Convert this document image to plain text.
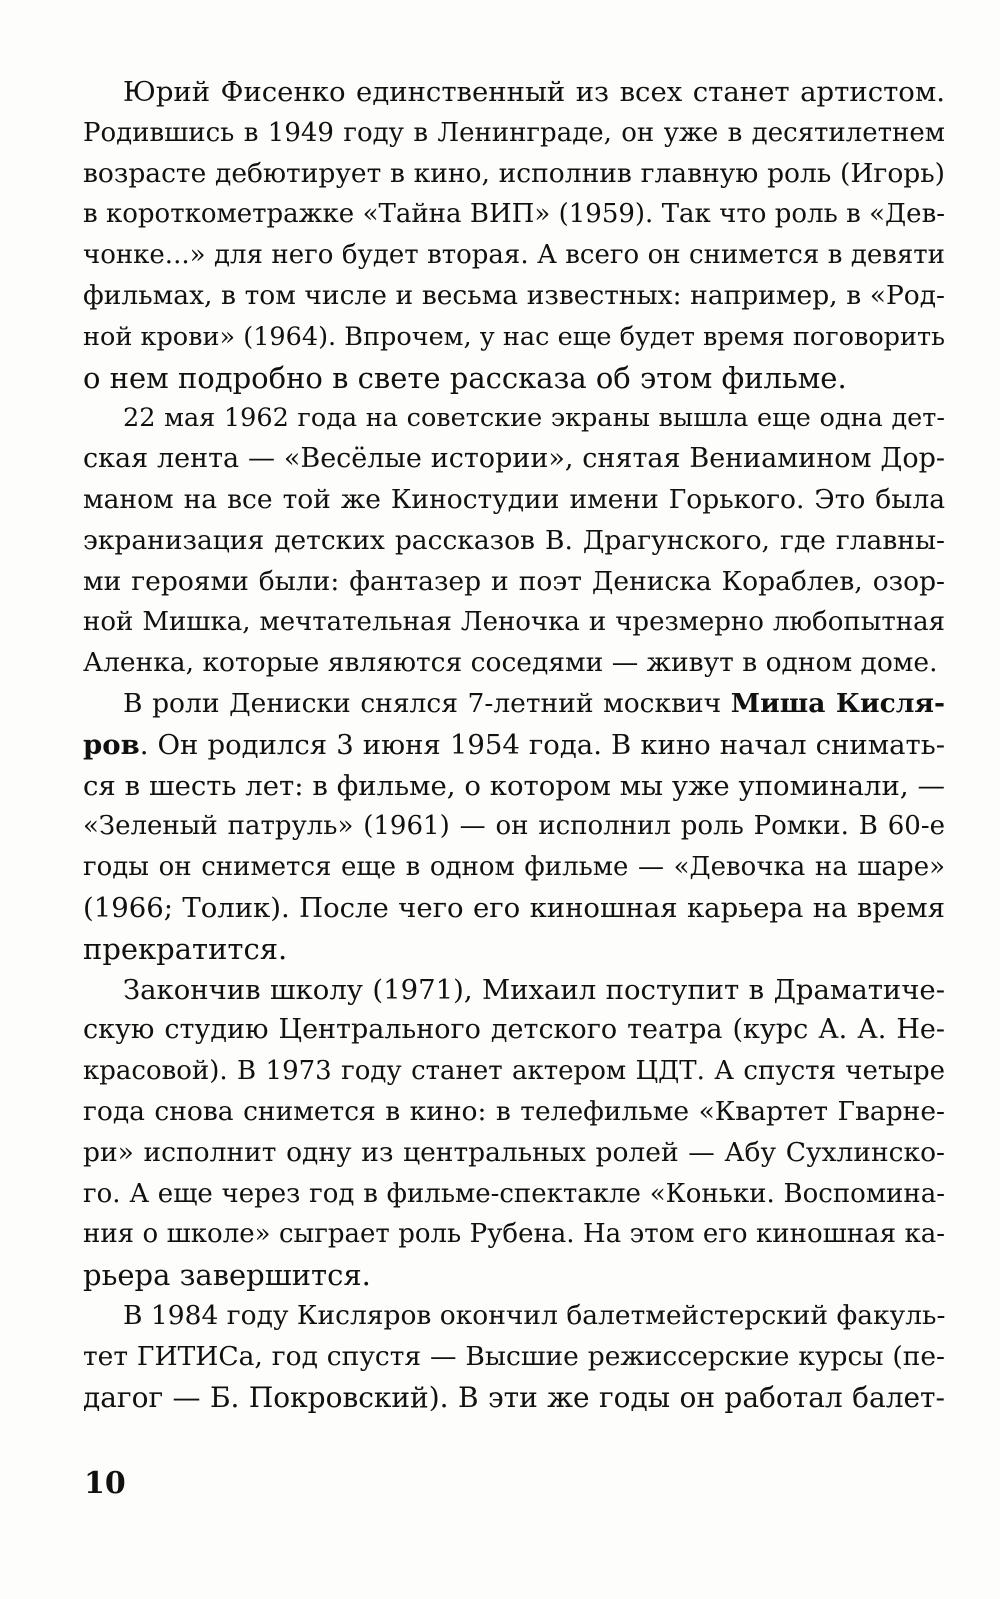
Юрий Фисенко единственный из всех станет артистом.
Родившись в 1949 году в Ленинграде, он уже в десятилетнем
возрасте дебютирует в кино, исполнив главную роль (Игорь)
в короткометражке «Тайна ВИП» (1959). Так что роль в «Дев-
чонке...» для него будет вторая. А всего он снимется в девяти
фильмах, в том числе и весьма известных: например, в «Род-
ной крови» (1964). Впрочем, у нас еще будет время поговорить
о нем подробно в свете рассказа об этом фильме.
22 мая 1962 года на советские экраны вышла еще одна дет-
ская лента — «Весёлые истории», снятая Вениамином Дор-
маном на все той же Киностудии имени Горького. Это была
экранизация детских рассказов В. Драгунского, где главны-
ми героями были: фантазер и поэт Дениска Кораблев, озор-
ной Мишка, мечтательная Леночка и чрезмерно любопытная
Аленка, которые являются соседями — живут в одном доме.
В роли Дениски снялся 7-летний москвич Миша Кисля-
ров. Он родился 3 июня 1954 года. В кино начал снимать-
ся в шесть лет: в фильме, о котором мы уже упоминали, —
«Зеленый патруль» (1961) — он исполнил роль Ромки. В 60-е
годы он снимется еще в одном фильме — «Девочка на шаре»
(1966; Толик). После чего его киношная карьера на время
прекратится.
Закончив школу (1971), Михаил поступит в Драматиче-
скую студию Центрального детского театра (курс А. А. Не-
красовой). В 1973 году станет актером ЦДТ. А спустя четыре
года снова снимется в кино: в телефильме «Квартет Гварне-
ри» исполнит одну из центральных ролей — Абу Сухлинско-
го. А еще через год в фильме-спектакле «Коньки. Воспомина-
ния о школе» сыграет роль Рубена. На этом его киношная ка-
рьера завершится.
В 1984 году Кисляров окончил балетмейстерский факуль-
тет ГИТИСа, год спустя — Высшие режиссерские курсы (пе-
дагог — Б. Покровский). В эти же годы он работал балет-
10
